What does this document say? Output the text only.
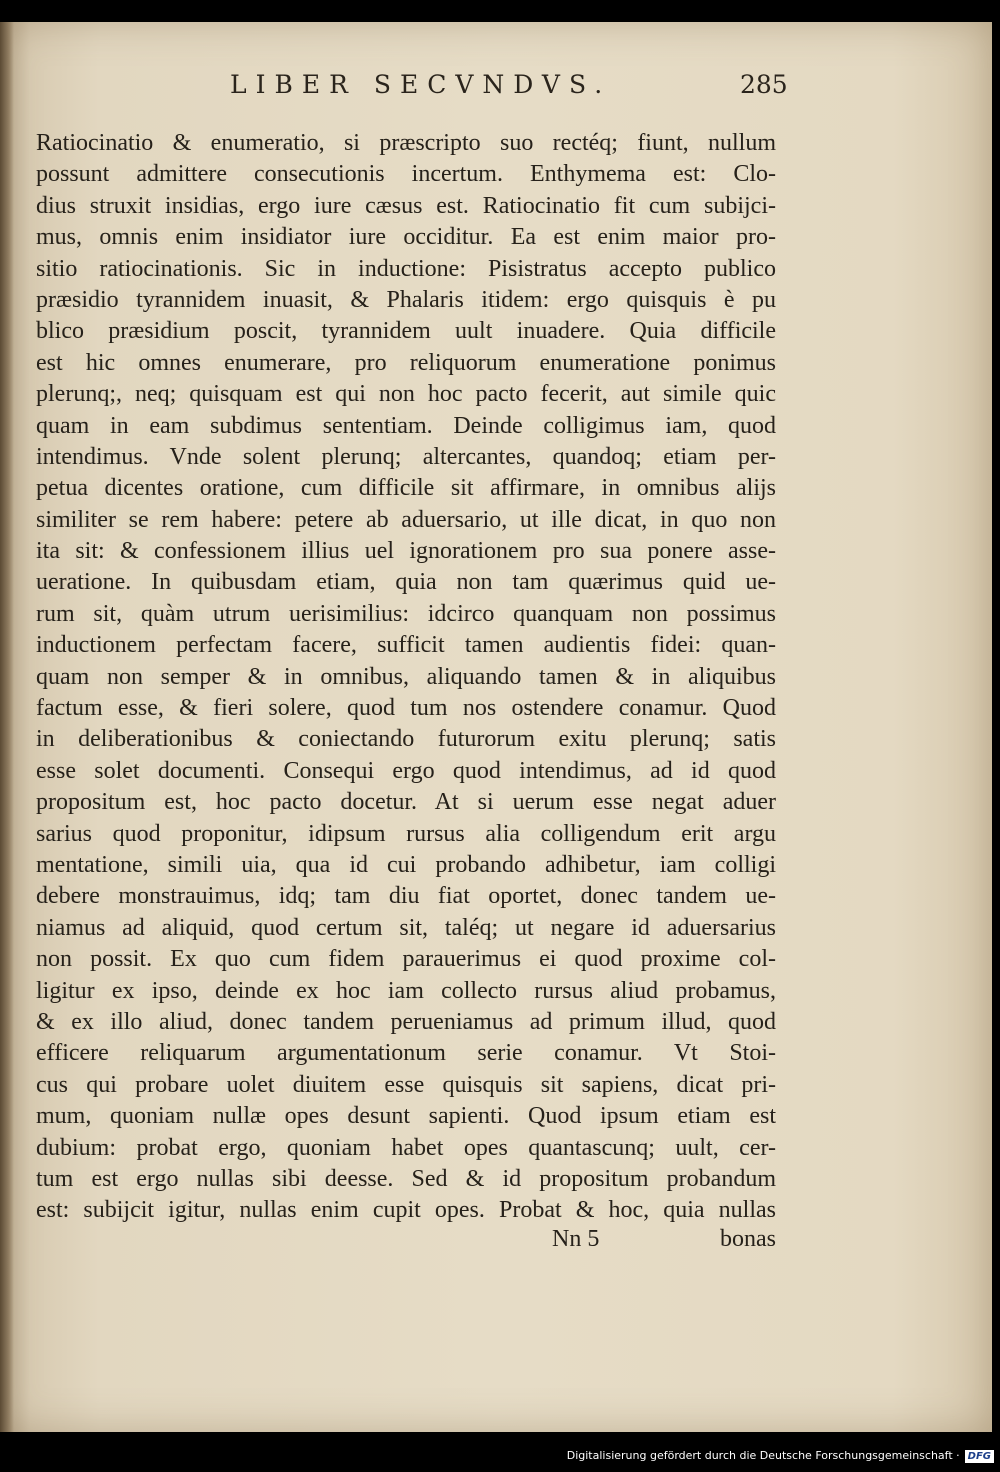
LIBER SECVNDVS.	285
Ratiocinatio & enumeratio, si præscripto suo rectéq; fiunt, nullum
possunt admittere consecutionis incertum. Enthymema est: Clo-
dius struxit insidias, ergo iure cæsus est. Ratiocinatio fit cum subijci-
mus, omnis enim insidiator iure occiditur. Ea est enim maior pro-
sitio ratiocinationis. Sic in inductione: Pisistratus accepto publico
præsidio tyrannidem inuasit, & Phalaris itidem: ergo quisquis è pu
blico præsidium poscit, tyrannidem uult inuadere. Quia difficile
est hic omnes enumerare, pro reliquorum enumeratione ponimus
plerunq;, neq; quisquam est qui non hoc pacto fecerit, aut simile quic
quam in eam subdimus sententiam. Deinde colligimus iam, quod
intendimus. Vnde solent plerunq; altercantes, quandoq; etiam per-
petua dicentes oratione, cum difficile sit affirmare, in omnibus alijs
similiter se rem habere: petere ab aduersario, ut ille dicat, in quo non
ita sit: & confessionem illius uel ignorationem pro sua ponere asse-
ueratione. In quibusdam etiam, quia non tam quærimus quid ue-
rum sit, quàm utrum uerisimilius: idcirco quanquam non possimus
inductionem perfectam facere, sufficit tamen audientis fidei: quan-
quam non semper & in omnibus, aliquando tamen & in aliquibus
factum esse, & fieri solere, quod tum nos ostendere conamur. Quod
in deliberationibus & coniectando futurorum exitu plerunq; satis
esse solet documenti. Consequi ergo quod intendimus, ad id quod
propositum est, hoc pacto docetur. At si uerum esse negat aduer
sarius quod proponitur, idipsum rursus alia colligendum erit argu
mentatione, simili uia, qua id cui probando adhibetur, iam colligi
debere monstrauimus, idq; tam diu fiat oportet, donec tandem ue-
niamus ad aliquid, quod certum sit, taléq; ut negare id aduersarius
non possit. Ex quo cum fidem parauerimus ei quod proxime col-
ligitur ex ipso, deinde ex hoc iam collecto rursus aliud probamus,
& ex illo aliud, donec tandem perueniamus ad primum illud, quod
efficere reliquarum argumentationum serie conamur. Vt Stoi-
cus qui probare uolet diuitem esse quisquis sit sapiens, dicat pri-
mum, quoniam nullæ opes desunt sapienti. Quod ipsum etiam est
dubium: probat ergo, quoniam habet opes quantascunq; uult, cer-
tum est ergo nullas sibi deesse. Sed & id propositum probandum
est: subijcit igitur, nullas enim cupit opes. Probat & hoc, quia nullas
Nn 5	bonas
Digitalisierung gefördert durch die Deutsche Forschungsgemeinschaft · DFG
